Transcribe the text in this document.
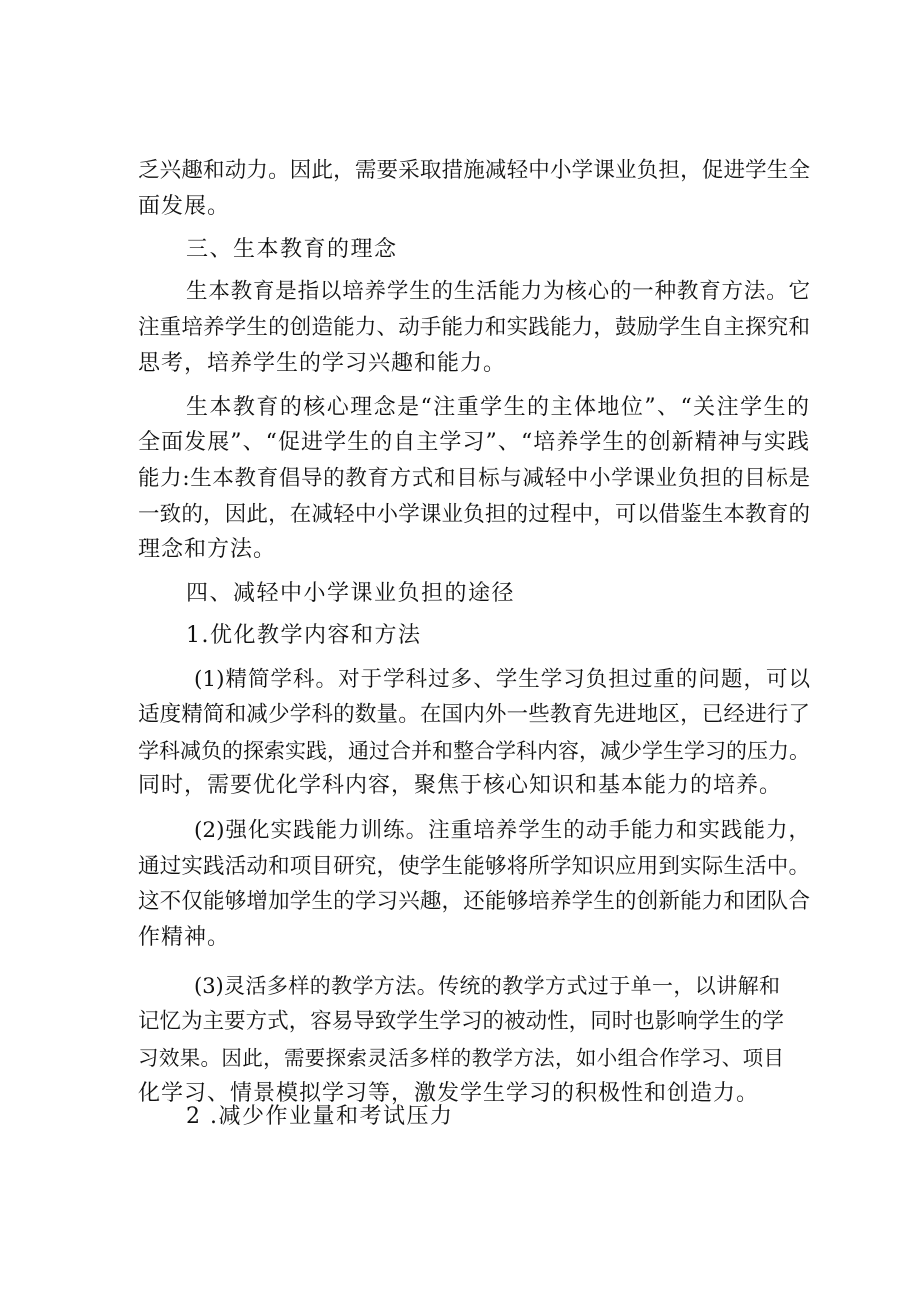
乏兴趣和动力。因此，需要采取措施减轻中小学课业负担，促进学生全
面发展。
三、生本教育的理念
生本教育是指以培养学生的生活能力为核心的一种教育方法。它
注重培养学生的创造能力、动手能力和实践能力，鼓励学生自主探究和
思考，培养学生的学习兴趣和能力。
生本教育的核心理念是“注重学生的主体地位”、“关注学生的
全面发展”、“促进学生的自主学习”、“培养学生的创新精神与实践
能力:生本教育倡导的教育方式和目标与减轻中小学课业负担的目标是
一致的，因此，在减轻中小学课业负担的过程中，可以借鉴生本教育的
理念和方法。
四、减轻中小学课业负担的途径
1.优化教学内容和方法
(1)精简学科。对于学科过多、学生学习负担过重的问题，可以
适度精简和减少学科的数量。在国内外一些教育先进地区，已经进行了
学科减负的探索实践，通过合并和整合学科内容，减少学生学习的压力。
同时，需要优化学科内容，聚焦于核心知识和基本能力的培养。
(2)强化实践能力训练。注重培养学生的动手能力和实践能力，
通过实践活动和项目研究，使学生能够将所学知识应用到实际生活中。
这不仅能够增加学生的学习兴趣，还能够培养学生的创新能力和团队合
作精神。
(3)灵活多样的教学方法。传统的教学方式过于单一，以讲解和
记忆为主要方式，容易导致学生学习的被动性，同时也影响学生的学
习效果。因此，需要探索灵活多样的教学方法，如小组合作学习、项目
化学习、情景模拟学习等，激发学生学习的积极性和创造力。
2 .减少作业量和考试压力
